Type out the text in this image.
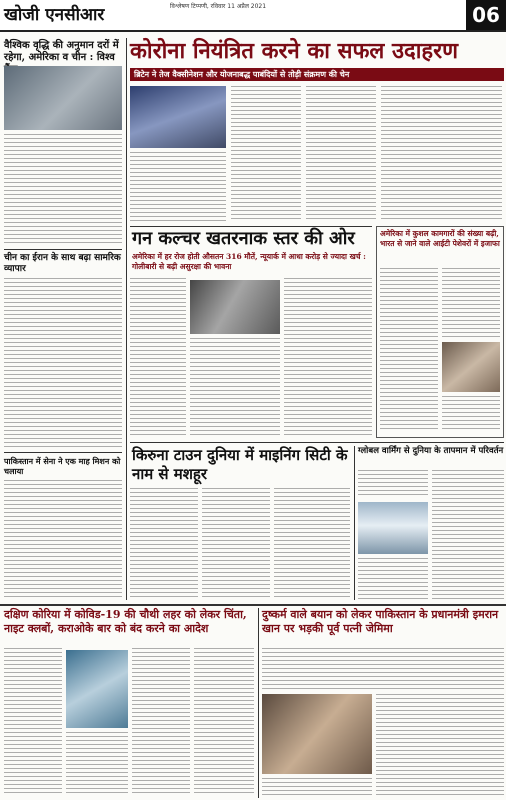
खोजी एनसीआर	विश्लेषण टिप्पणी, रविवार 11 अप्रैल 2021	06
वैश्विक वृद्धि की अनुमान दरों में रहेगा, अमेरिका व चीन : विश्व
चीन का ईरान के साथ बढ़ा सामरिक व्यापार
पाकिस्तान में सेना ने एक माह मिशन को चलाया
कोरोना नियंत्रित करने का सफल उदाहरण
ब्रिटेन ने तेज वैक्सीनेशन और योजनाबद्ध पाबंदियों से तोड़ी संक्रमण की चेन
गन कल्चर खतरनाक स्तर की ओर
अमेरिका में हर रोज होती औसतन 316 मौतें, न्यूयार्क में आधा करोड़ से ज्यादा खर्च : गोलीबारी से बढ़ी असुरक्षा की भावना
अमेरिका में कुशल कामगारों की संख्या बढ़ी, भारत से जाने वाले आईटी पेशेवरों में इजाफा
किरुना टाउन दुनिया में माइनिंग सिटी के नाम से मशहूर
ग्लोबल वार्मिंग से दुनिया के तापमान में परिवर्तन
दक्षिण कोरिया में कोविड-19 की चौथी लहर को लेकर चिंता, नाइट क्लबों, कराओके बार को बंद करने का आदेश
दुष्कर्म वाले बयान को लेकर पाकिस्तान के प्रधानमंत्री इमरान खान पर भड़की पूर्व पत्नी जेमिमा
